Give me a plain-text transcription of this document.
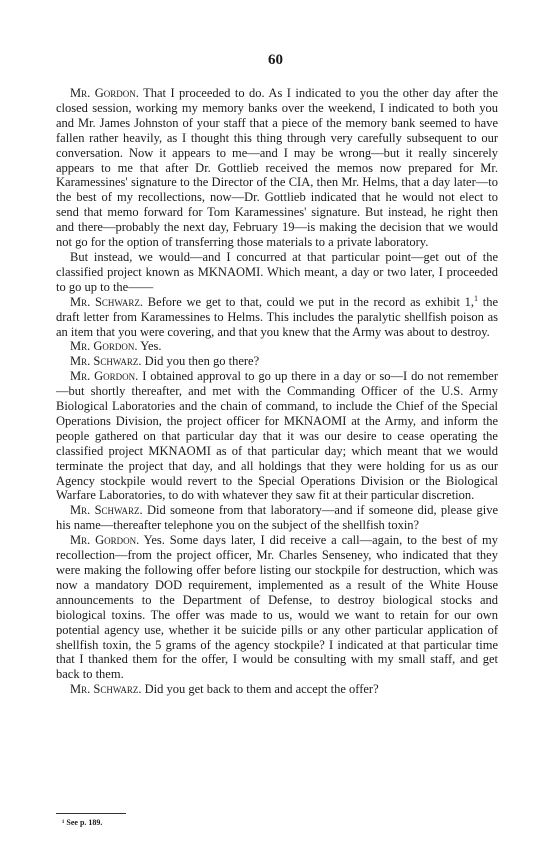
60

Mr. Gordon. That I proceeded to do. As I indicated to you the other day after the closed session, working my memory banks over the weekend, I indicated to both you and Mr. James Johnston of your staff that a piece of the memory bank seemed to have fallen rather heavily, as I thought this thing through very carefully subsequent to our conversation. Now it appears to me—and I may be wrong—but it really sincerely appears to me that after Dr. Gottlieb received the memos now prepared for Mr. Karamessines' signature to the Director of the CIA, then Mr. Helms, that a day later—to the best of my recollections, now—Dr. Gottlieb indicated that he would not elect to send that memo forward for Tom Karamessines' signature. But instead, he right then and there—probably the next day, February 19—is making the decision that we would not go for the option of transferring those materials to a private laboratory.

But instead, we would—and I concurred at that particular point—get out of the classified project known as MKNAOMI. Which meant, a day or two later, I proceeded to go up to the——

Mr. Schwarz. Before we get to that, could we put in the record as exhibit 1,$^1$ the draft letter from Karamessines to Helms. This includes the paralytic shellfish poison as an item that you were covering, and that you knew that the Army was about to destroy.

Mr. Gordon. Yes.

Mr. Schwarz. Did you then go there?

Mr. Gordon. I obtained approval to go up there in a day or so—I do not remember—but shortly thereafter, and met with the Commanding Officer of the U.S. Army Biological Laboratories and the chain of command, to include the Chief of the Special Operations Division, the project officer for MKNAOMI at the Army, and inform the people gathered on that particular day that it was our desire to cease operating the classified project MKNAOMI as of that particular day; which meant that we would terminate the project that day, and all holdings that they were holding for us as our Agency stockpile would revert to the Special Operations Division or the Biological Warfare Laboratories, to do with whatever they saw fit at their particular discretion.

Mr. Schwarz. Did someone from that laboratory—and if someone did, please give his name—thereafter telephone you on the subject of the shellfish toxin?

Mr. Gordon. Yes. Some days later, I did receive a call—again, to the best of my recollection—from the project officer, Mr. Charles Senseney, who indicated that they were making the following offer before listing our stockpile for destruction, which was now a mandatory DOD requirement, implemented as a result of the White House announcements to the Department of Defense, to destroy biological stocks and biological toxins. The offer was made to us, would we want to retain for our own potential agency use, whether it be suicide pills or any other particular application of shellfish toxin, the 5 grams of the agency stockpile? I indicated at that particular time that I thanked them for the offer, I would be consulting with my small staff, and get back to them.

Mr. Schwarz. Did you get back to them and accept the offer?

¹ See p. 189.
